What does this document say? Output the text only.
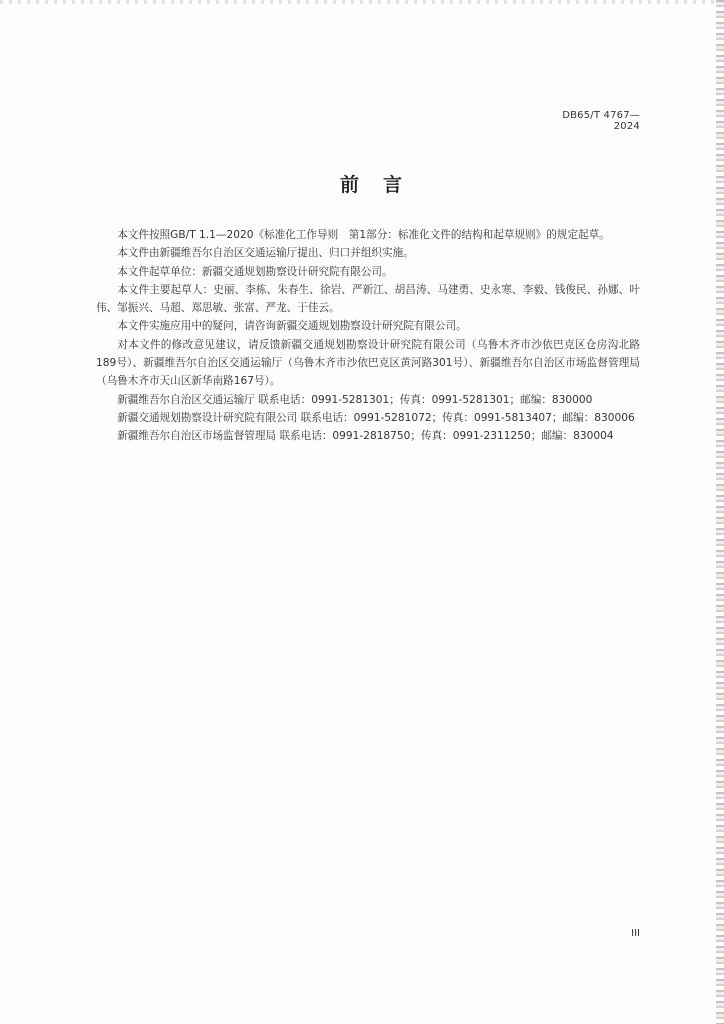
DB65/T 4767—2024
前言

本文件按照GB/T 1.1—2020《标准化工作导则　第1部分：标准化文件的结构和起草规则》的规定起草。

本文件由新疆维吾尔自治区交通运输厅提出、归口并组织实施。

本文件起草单位：新疆交通规划勘察设计研究院有限公司。

本文件主要起草人：史丽、李栋、朱春生、徐岩、严新江、胡昌涛、马建勇、史永寒、李毅、钱俊民、孙娜、叶伟、邹振兴、马超、郑思敏、张富、严龙、于佳云。

本文件实施应用中的疑问，请咨询新疆交通规划勘察设计研究院有限公司。

对本文件的修改意见建议，请反馈新疆交通规划勘察设计研究院有限公司（乌鲁木齐市沙依巴克区仓房沟北路189号）、新疆维吾尔自治区交通运输厅（乌鲁木齐市沙依巴克区黄河路301号）、新疆维吾尔自治区市场监督管理局（乌鲁木齐市天山区新华南路167号）。

新疆维吾尔自治区交通运输厅 联系电话：0991-5281301；传真：0991-5281301；邮编：830000

新疆交通规划勘察设计研究院有限公司 联系电话：0991-5281072；传真：0991-5813407；邮编：830006

新疆维吾尔自治区市场监督管理局 联系电话：0991-2818750；传真：0991-2311250；邮编：830004

III
